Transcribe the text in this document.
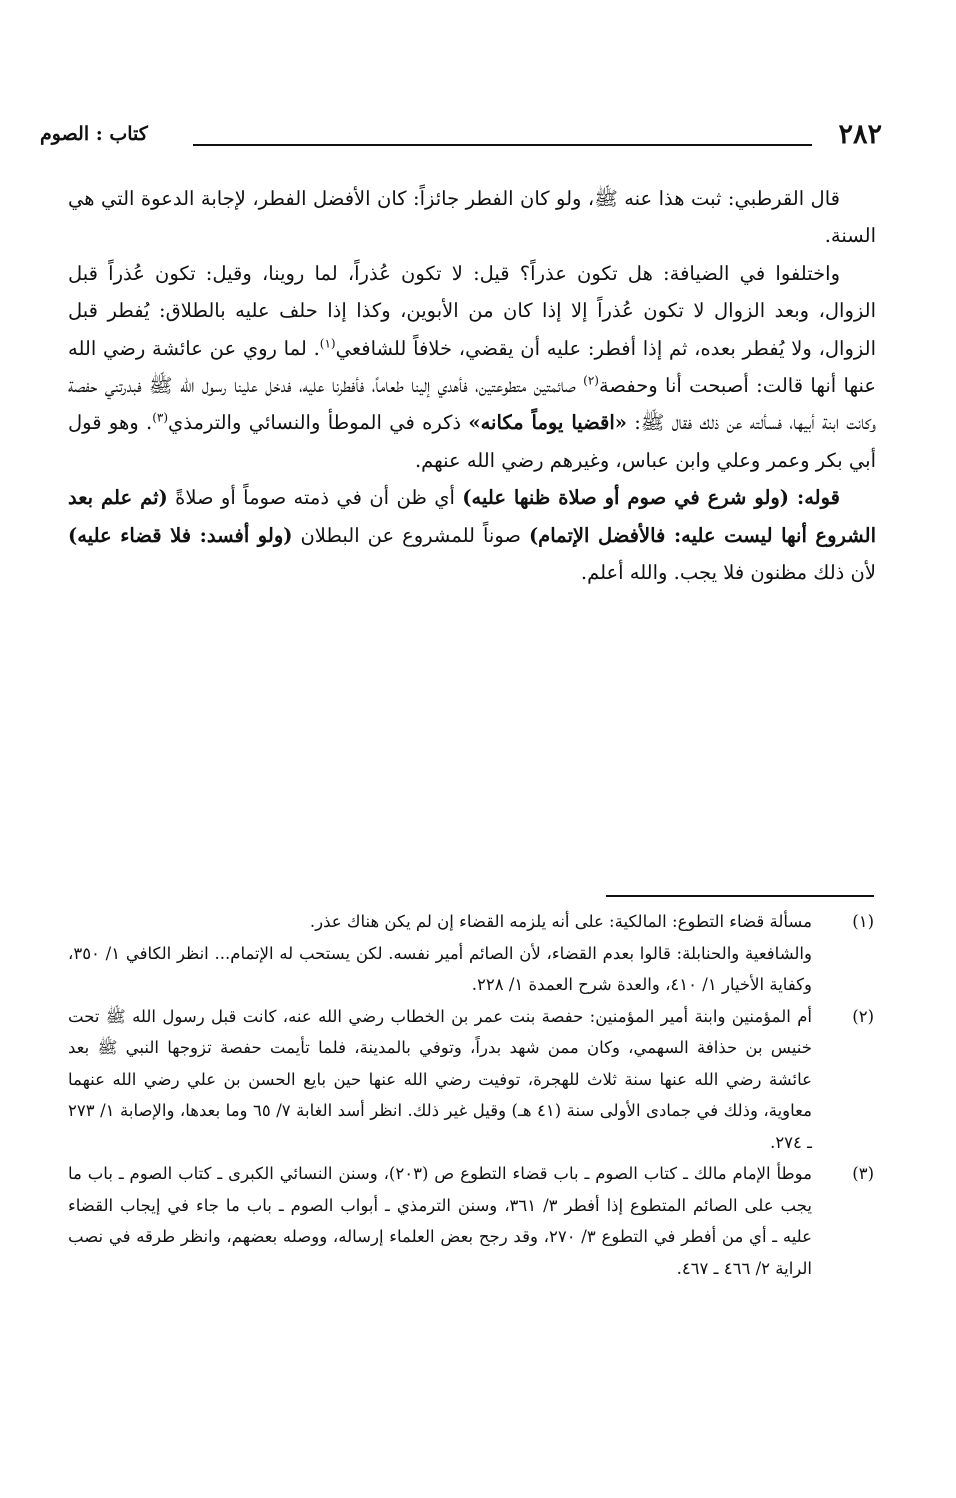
٢٨٢
كتاب : الصوم

قال القرطبي: ثبت هذا عنه ﷺ، ولو كان الفطر جائزاً: كان الأفضل الفطر، لإجابة الدعوة التي هي السنة.

واختلفوا في الضيافة: هل تكون عذراً؟ قيل: لا تكون عُذراً، لما روينا، وقيل: تكون عُذراً قبل الزوال، وبعد الزوال لا تكون عُذراً إلا إذا كان من الأبوين، وكذا إذا حلف عليه بالطلاق: يُفطر قبل الزوال، ولا يُفطر بعده، ثم إذا أفطر: عليه أن يقضي، خلافاً للشافعي$^{(١)}$. لما روي عن عائشة رضي الله عنها أنها قالت: أصبحت أنا وحفصة$^{(٢)}$ صائمتين متطوعتين، فأهدي إلينا طعاماً، فأفطرنا عليه، فدخل علينا رسول الله ﷺ فبدرتني حفصة وكانت ابنة أبيها، فسألته عن ذلك فقال ﷺ: «اقضيا يوماً مكانه» ذكره في الموطأ والنسائي والترمذي$^{(٣)}$. وهو قول أبي بكر وعمر وعلي وابن عباس، وغيرهم رضي الله عنهم.

قوله: (ولو شرع في صوم أو صلاة ظنها عليه) أي ظن أن في ذمته صوماً أو صلاةً (ثم علم بعد الشروع أنها ليست عليه: فالأفضل الإتمام) صوناً للمشروع عن البطلان (ولو أفسد: فلا قضاء عليه) لأن ذلك مظنون فلا يجب. والله أعلم.

(١)
مسألة قضاء التطوع: المالكية: على أنه يلزمه القضاء إن لم يكن هناك عذر.
والشافعية والحنابلة: قالوا بعدم القضاء، لأن الصائم أمير نفسه. لكن يستحب له الإتمام... انظر الكافي ١/ ٣٥٠، وكفاية الأخيار ١/ ٤١٠، والعدة شرح العمدة ١/ ٢٢٨.
(٢)
أم المؤمنين وابنة أمير المؤمنين: حفصة بنت عمر بن الخطاب رضي الله عنه، كانت قبل رسول الله ﷺ تحت خنيس بن حذافة السهمي، وكان ممن شهد بدراً، وتوفي بالمدينة، فلما تأيمت حفصة تزوجها النبي ﷺ بعد عائشة رضي الله عنها سنة ثلاث للهجرة، توفيت رضي الله عنها حين بايع الحسن بن علي رضي الله عنهما معاوية، وذلك في جمادى الأولى سنة (٤١ هـ) وقيل غير ذلك. انظر أسد الغابة ٧/ ٦٥ وما بعدها، والإصابة ١/ ٢٧٣ ـ ٢٧٤.
(٣)
موطأ الإمام مالك ـ كتاب الصوم ـ باب قضاء التطوع ص (٢٠٣)، وسنن النسائي الكبرى ـ كتاب الصوم ـ باب ما يجب على الصائم المتطوع إذا أفطر ٣/ ٣٦١، وسنن الترمذي ـ أبواب الصوم ـ باب ما جاء في إيجاب القضاء عليه ـ أي من أفطر في التطوع ٣/ ٢٧٠، وقد رجح بعض العلماء إرساله، ووصله بعضهم، وانظر طرقه في نصب الراية ٢/ ٤٦٦ ـ ٤٦٧.
